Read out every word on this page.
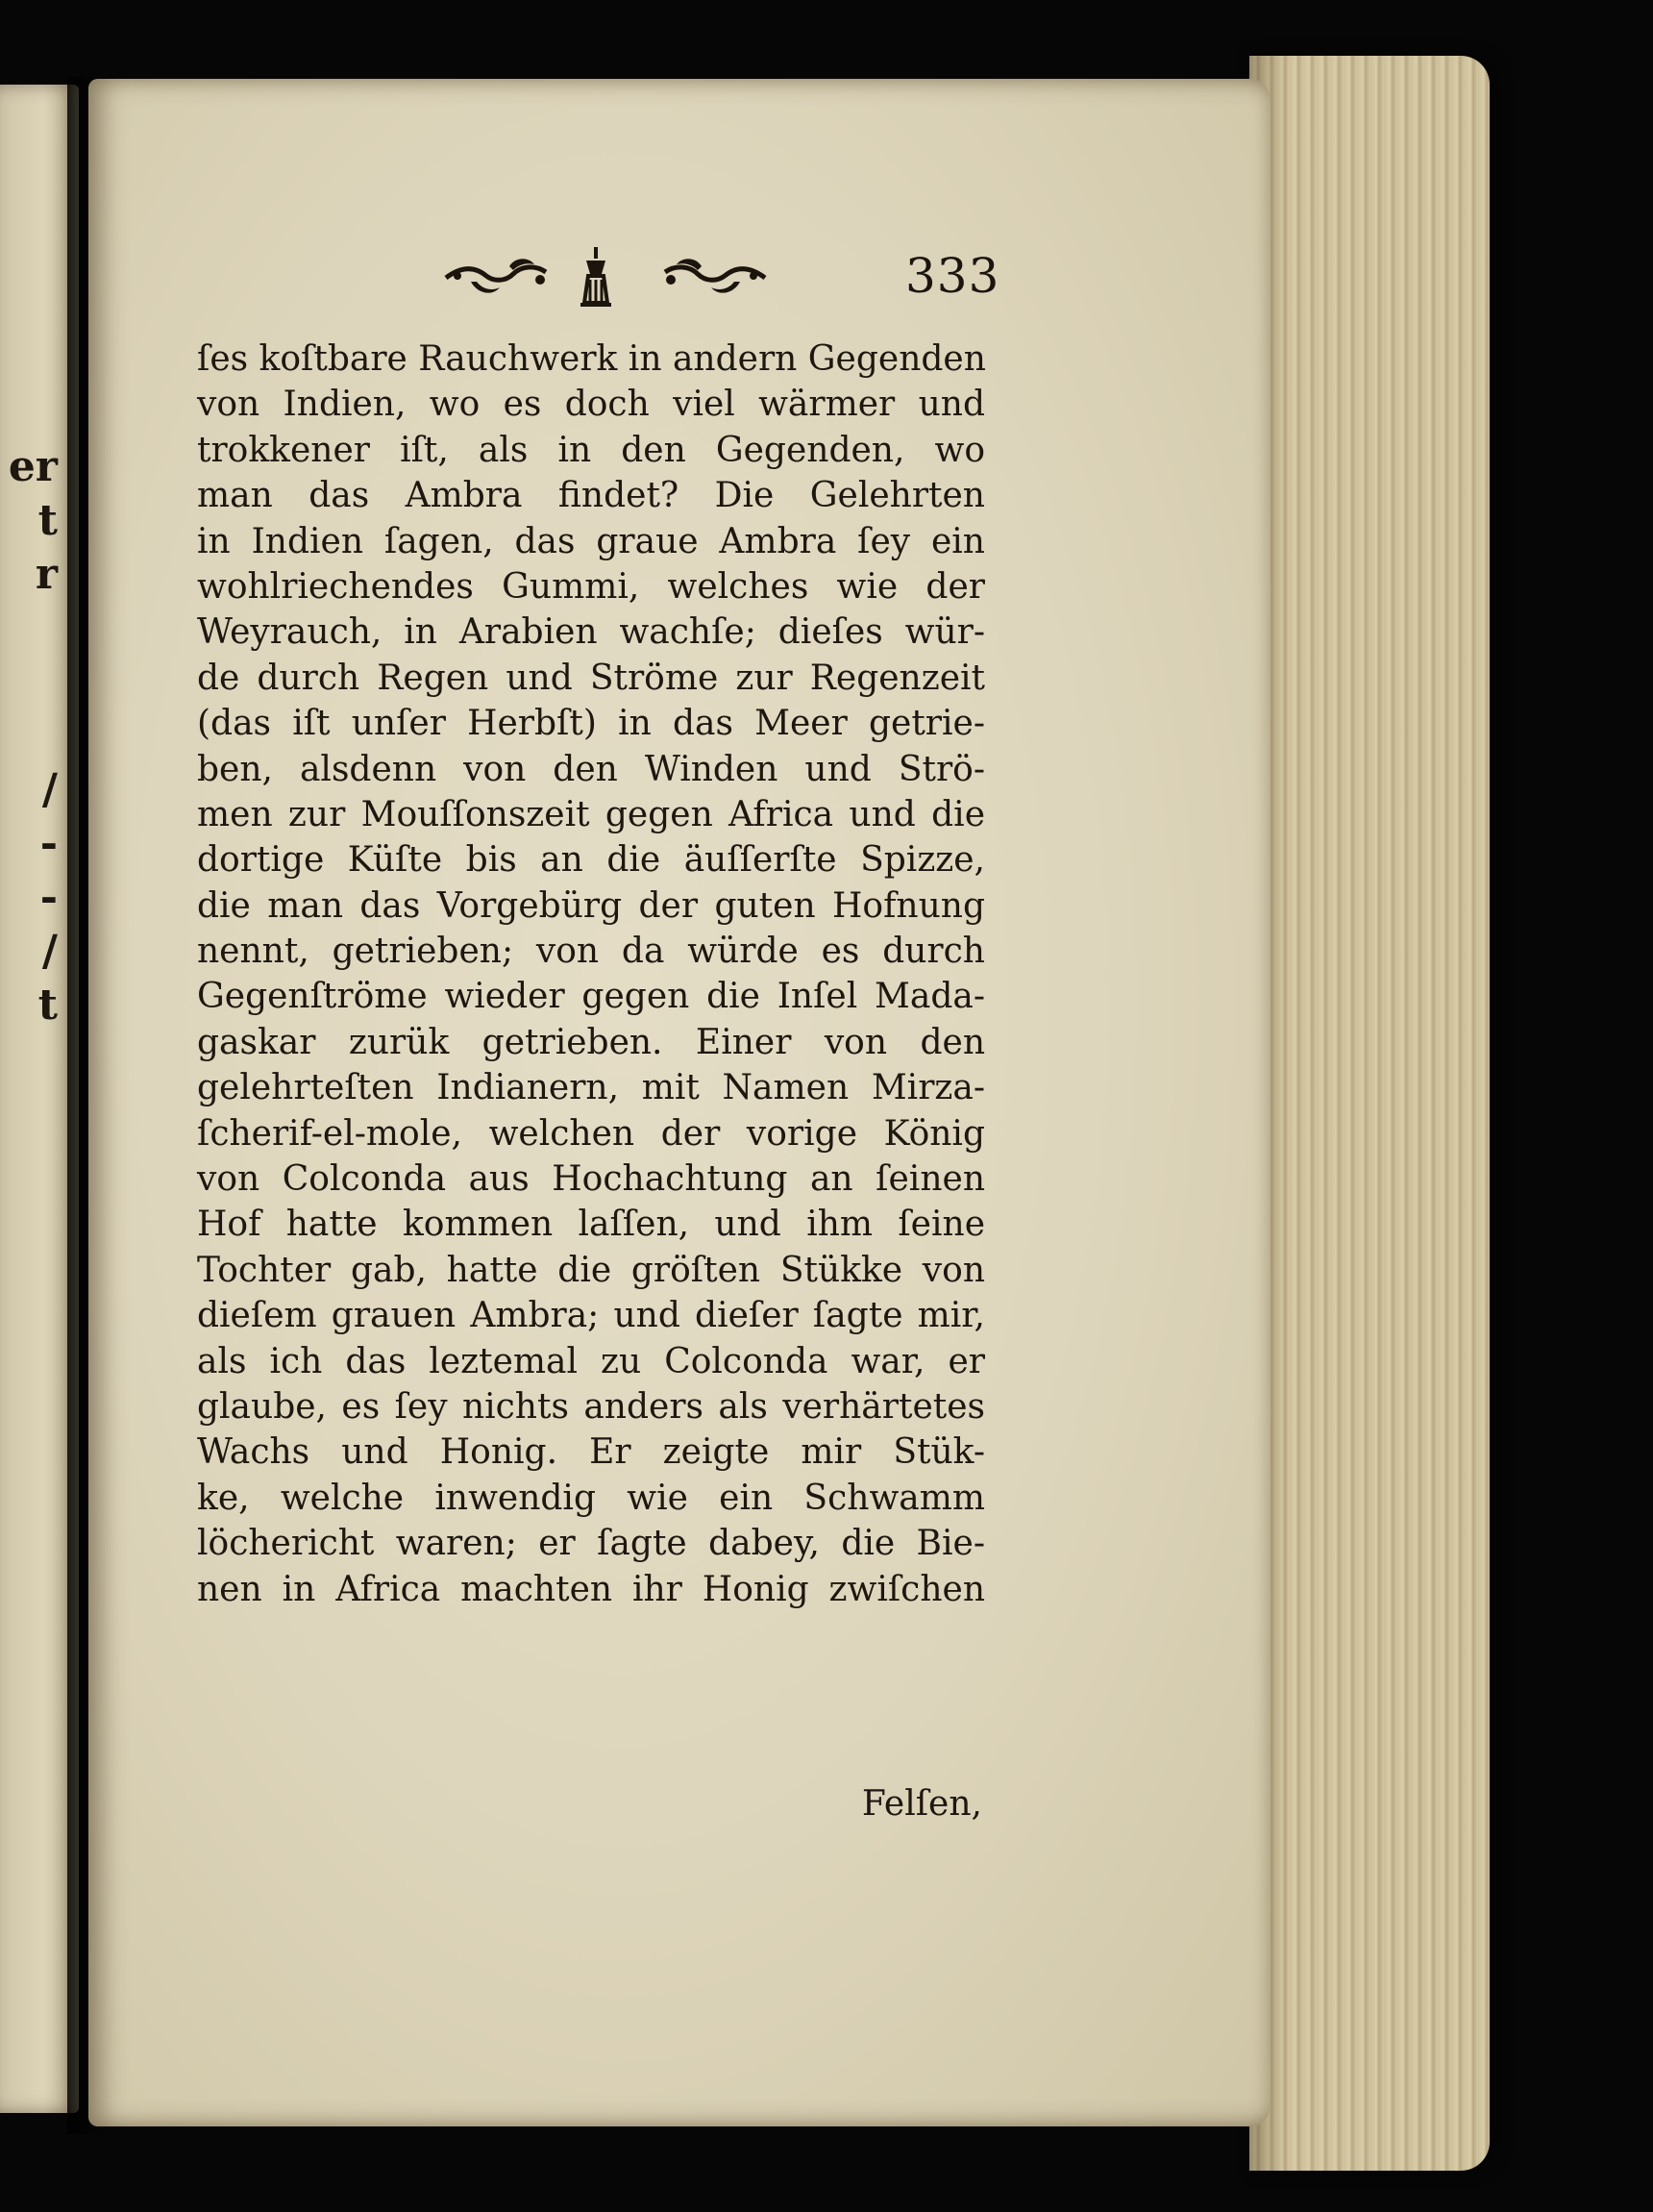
er
t
r
/
-
-
/
t
333
ſes koſtbare Rauchwerk in andern Gegenden
von Indien, wo es doch viel wärmer und
trokkener iſt, als in den Gegenden, wo
man das Ambra findet? Die Gelehrten
in Indien ſagen, das graue Ambra ſey ein
wohlriechendes Gummi, welches wie der
Weyrauch, in Arabien wachſe; dieſes wür-
de durch Regen und Ströme zur Regenzeit
(das iſt unſer Herbſt) in das Meer getrie-
ben, alsdenn von den Winden und Strö-
men zur Mouſſonszeit gegen Africa und die
dortige Küſte bis an die äuſſerſte Spizze,
die man das Vorgebürg der guten Hofnung
nennt, getrieben; von da würde es durch
Gegenſtröme wieder gegen die Inſel Mada-
gaskar zurük getrieben. Einer von den
gelehrteſten Indianern, mit Namen Mirza-
ſcherif-el-mole, welchen der vorige König
von Colconda aus Hochachtung an ſeinen
Hof hatte kommen laſſen, und ihm ſeine
Tochter gab, hatte die gröſten Stükke von
dieſem grauen Ambra; und dieſer ſagte mir,
als ich das leztemal zu Colconda war, er
glaube, es ſey nichts anders als verhärtetes
Wachs und Honig. Er zeigte mir Stük-
ke, welche inwendig wie ein Schwamm
löchericht waren; er ſagte dabey, die Bie-
nen in Africa machten ihr Honig zwiſchen
Felſen,
